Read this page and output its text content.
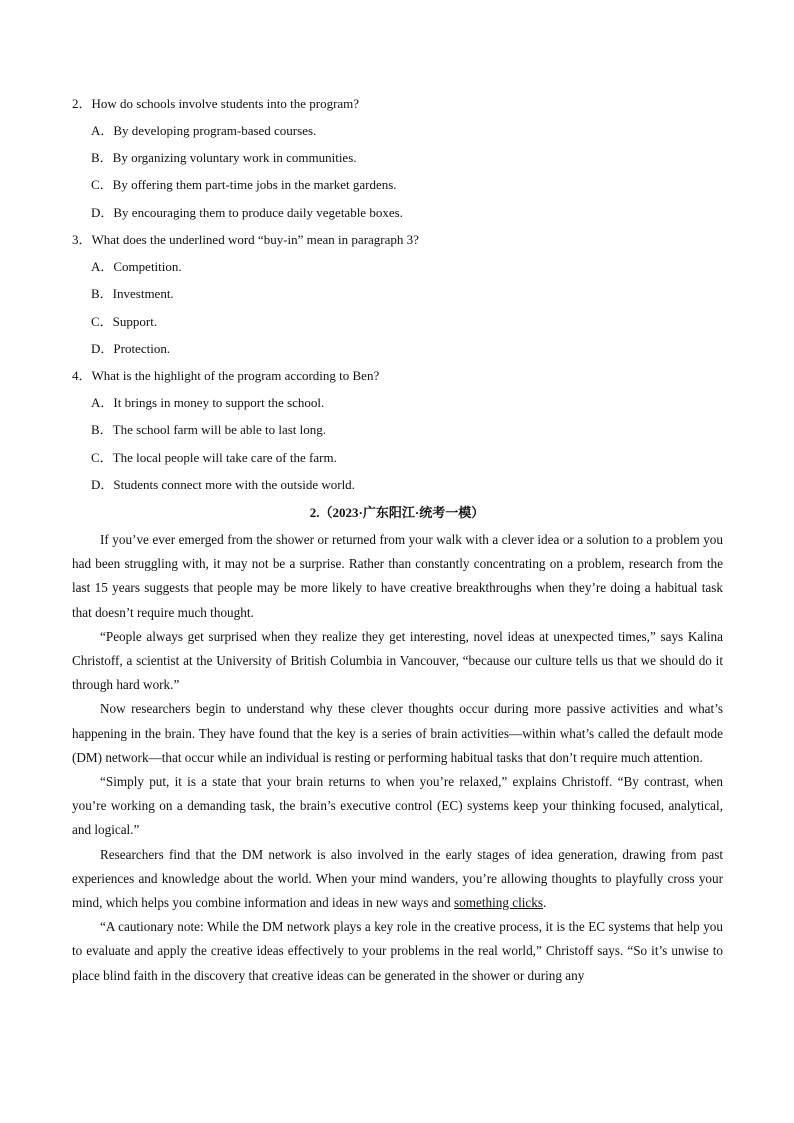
2．How do schools involve students into the program?
A．By developing program-based courses.
B．By organizing voluntary work in communities.
C．By offering them part-time jobs in the market gardens.
D．By encouraging them to produce daily vegetable boxes.
3．What does the underlined word “buy-in” mean in paragraph 3?
A．Competition.
B．Investment.
C．Support.
D．Protection.
4．What is the highlight of the program according to Ben?
A．It brings in money to support the school.
B．The school farm will be able to last long.
C．The local people will take care of the farm.
D．Students connect more with the outside world.
2.（2023·广东阳江·统考一模）

If you’ve ever emerged from the shower or returned from your walk with a clever idea or a solution to a problem you had been struggling with, it may not be a surprise. Rather than constantly concentrating on a problem, research from the last 15 years suggests that people may be more likely to have creative breakthroughs when they’re doing a habitual task that doesn’t require much thought.

“People always get surprised when they realize they get interesting, novel ideas at unexpected times,” says Kalina Christoff, a scientist at the University of British Columbia in Vancouver, “because our culture tells us that we should do it through hard work.”

Now researchers begin to understand why these clever thoughts occur during more passive activities and what’s happening in the brain. They have found that the key is a series of brain activities—within what’s called the default mode (DM) network—that occur while an individual is resting or performing habitual tasks that don’t require much attention.

“Simply put, it is a state that your brain returns to when you’re relaxed,” explains Christoff. “By contrast, when you’re working on a demanding task, the brain’s executive control (EC) systems keep your thinking focused, analytical, and logical.”

Researchers find that the DM network is also involved in the early stages of idea generation, drawing from past experiences and knowledge about the world. When your mind wanders, you’re allowing thoughts to playfully cross your mind, which helps you combine information and ideas in new ways and something clicks.

“A cautionary note: While the DM network plays a key role in the creative process, it is the EC systems that help you to evaluate and apply the creative ideas effectively to your problems in the real world,” Christoff says. “So it’s unwise to place blind faith in the discovery that creative ideas can be generated in the shower or during any
